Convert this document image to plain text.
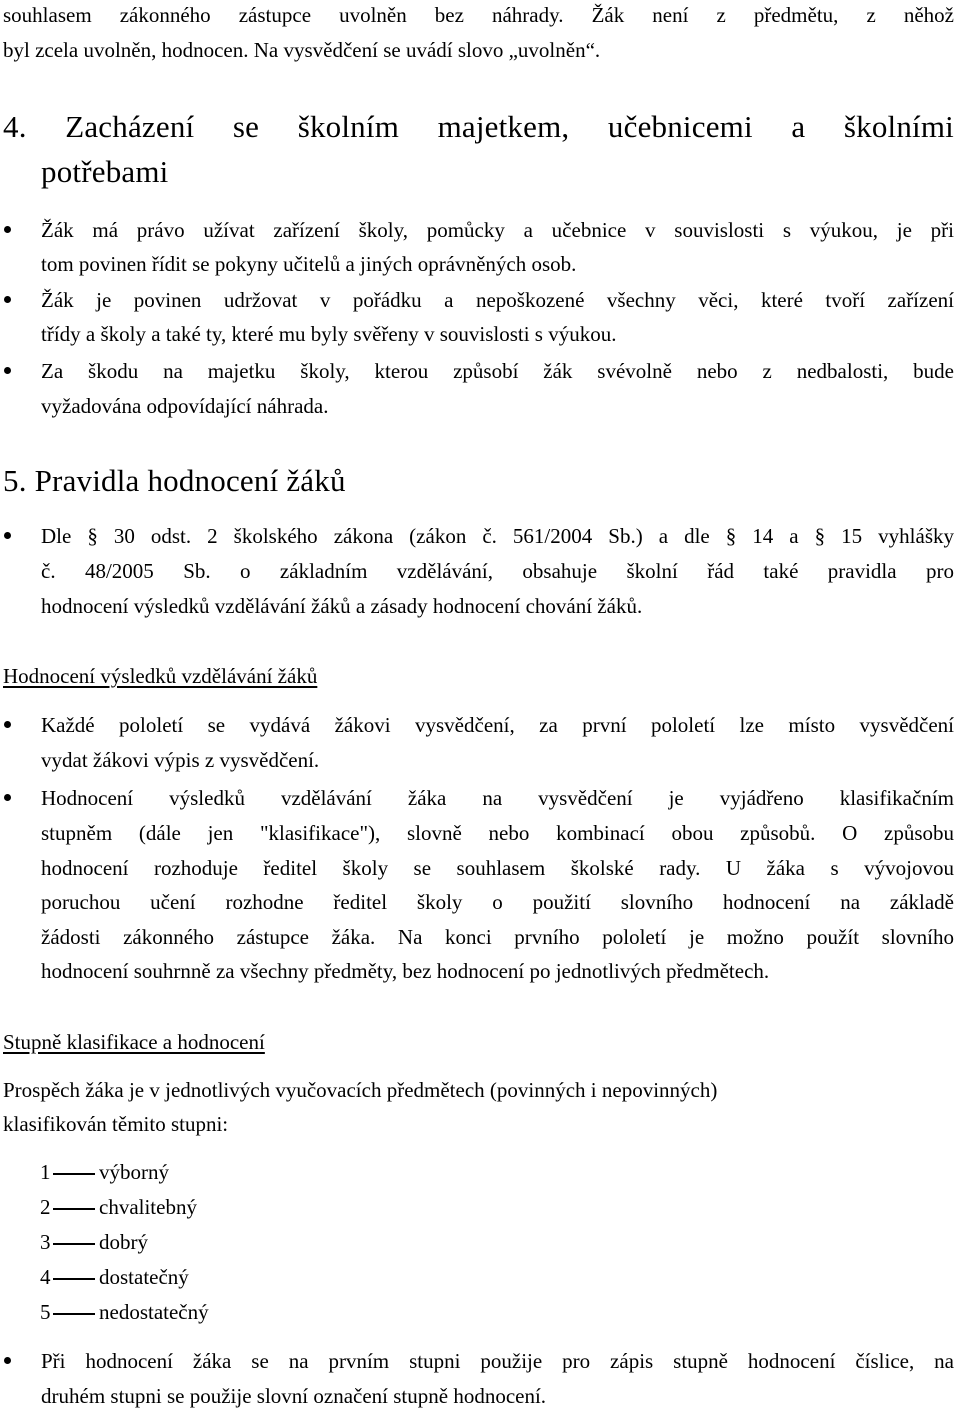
souhlasem zákonného zástupce uvolněn bez náhrady. Žák není z předmětu, z něhož
byl zcela uvolněn, hodnocen. Na vysvědčení se uvádí slovo „uvolněn“.
4. Zacházení se školním majetkem, učebnicemi a školními
potřebami
Žák má právo užívat zařízení školy, pomůcky a učebnice v souvislosti s výukou, je při
tom povinen řídit se pokyny učitelů a jiných oprávněných osob.
Žák je povinen udržovat v pořádku a nepoškozené všechny věci, které tvoří zařízení
třídy a školy a také ty, které mu byly svěřeny v souvislosti s výukou.
Za škodu na majetku školy, kterou způsobí žák svévolně nebo z nedbalosti, bude
vyžadována odpovídající náhrada.
5. Pravidla hodnocení žáků
Dle § 30 odst. 2 školského zákona (zákon č. 561/2004 Sb.) a dle § 14 a § 15 vyhlášky
č. 48/2005 Sb. o základním vzdělávání, obsahuje školní řád také pravidla pro
hodnocení výsledků vzdělávání žáků a zásady hodnocení chování žáků.
Hodnocení výsledků vzdělávání žáků
Každé pololetí se vydává žákovi vysvědčení, za první pololetí lze místo vysvědčení
vydat žákovi výpis z vysvědčení.
Hodnocení výsledků vzdělávání žáka na vysvědčení je vyjádřeno klasifikačním
stupněm (dále jen "klasifikace"), slovně nebo kombinací obou způsobů. O způsobu
hodnocení rozhoduje ředitel školy se souhlasem školské rady. U žáka s vývojovou
poruchou učení rozhodne ředitel školy o použití slovního hodnocení na základě
žádosti zákonného zástupce žáka. Na konci prvního pololetí je možno použít slovního
hodnocení souhrnně za všechny předměty, bez hodnocení po jednotlivých předmětech.
Stupně klasifikace a hodnocení
Prospěch žáka je v jednotlivých vyučovacích předmětech (povinných i nepovinných)
klasifikován těmito stupni:
1 výborný
2 chvalitebný
3 dobrý
4 dostatečný
5 nedostatečný
Při hodnocení žáka se na prvním stupni použije pro zápis stupně hodnocení číslice, na
druhém stupni se použije slovní označení stupně hodnocení.
